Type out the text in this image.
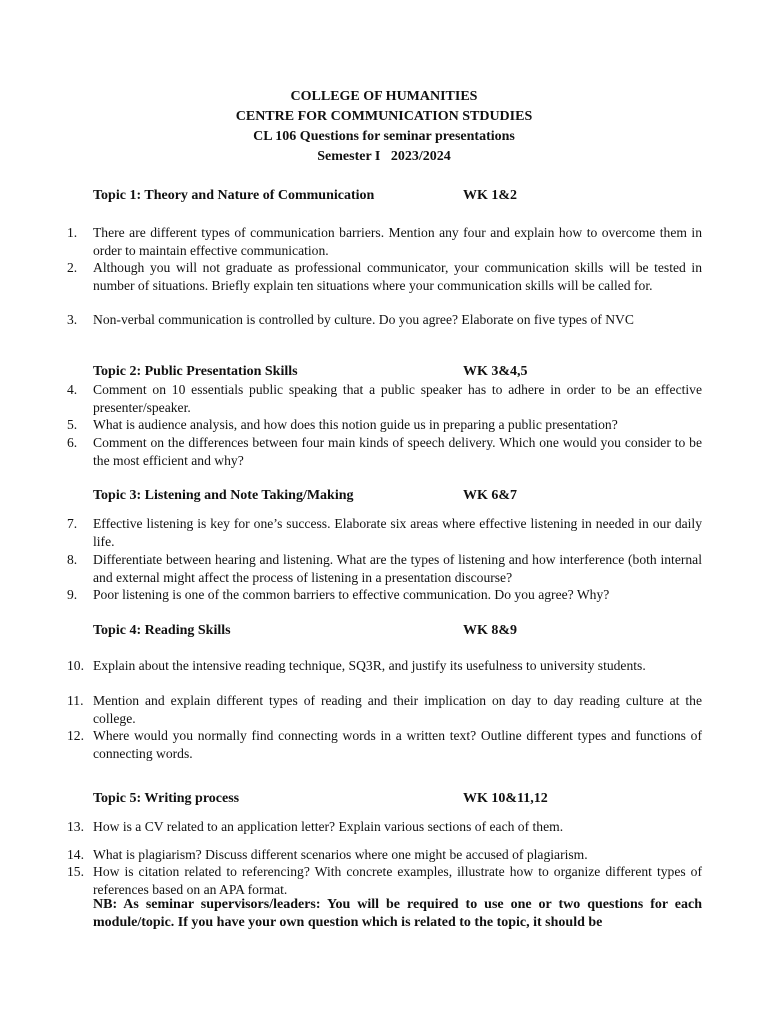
COLLEGE OF HUMANITIES
CENTRE FOR COMMUNICATION STDUDIES
CL 106 Questions for seminar presentations
Semester I   2023/2024
Topic 1: Theory and Nature of Communication	WK 1&2
1. There are different types of communication barriers. Mention any four and explain how to overcome them in order to maintain effective communication.
2. Although you will not graduate as professional communicator, your communication skills will be tested in number of situations. Briefly explain ten situations where your communication skills will be called for.
3. Non-verbal communication is controlled by culture. Do you agree? Elaborate on five types of NVC
Topic 2: Public Presentation Skills	WK 3&4,5
4. Comment on 10 essentials public speaking that a public speaker has to adhere in order to be an effective presenter/speaker.
5. What is audience analysis, and how does this notion guide us in preparing a public presentation?
6. Comment on the differences between four main kinds of speech delivery. Which one would you consider to be the most efficient and why?
Topic 3: Listening and Note Taking/Making	WK 6&7
7. Effective listening is key for one’s success. Elaborate six areas where effective listening in needed in our daily life.
8. Differentiate between hearing and listening. What are the types of listening and how interference (both internal and external might affect the process of listening in a presentation discourse?
9. Poor listening is one of the common barriers to effective communication. Do you agree? Why?
Topic 4: Reading Skills	WK 8&9
10. Explain about the intensive reading technique, SQ3R, and justify its usefulness to university students.
11. Mention and explain different types of reading and their implication on day to day reading culture at the college.
12. Where would you normally find connecting words in a written text? Outline different types and functions of connecting words.
Topic 5: Writing process	WK 10&11,12
13. How is a CV related to an application letter? Explain various sections of each of them.
14. What is plagiarism? Discuss different scenarios where one might be accused of plagiarism.
15. How is citation related to referencing? With concrete examples, illustrate how to organize different types of references based on an APA format.
NB: As seminar supervisors/leaders: You will be required to use one or two questions for each module/topic. If you have your own question which is related to the topic, it should be
